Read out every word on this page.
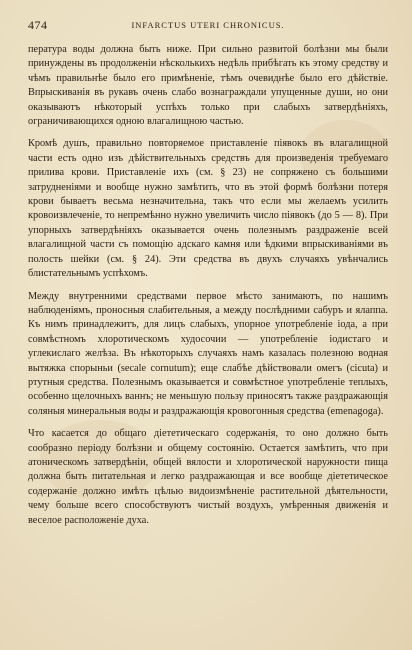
474	INFARCTUS UTERI CHRONICUS.

пература воды должна быть ниже. При сильно развитой болѣзни мы были принуждены въ продолженіи нѣсколькихъ недѣль прибѣгать къ этому средству и чѣмъ правильнѣе было его примѣненіе, тѣмъ очевиднѣе было его дѣйствіе. Впрыскиванія въ рукавъ очень слабо вознаграждали упущенные души, но они оказываютъ нѣкоторый успѣхъ только при слабыхъ затвердѣніяхъ, ограничивающихся одною влагалищною частью.

Кромѣ душъ, правильно повторяемое приставленіе піявокъ въ влагалищной части есть одно изъ дѣйствительныхъ средствъ для произведенія требуемаго прилива крови. Приставленіе ихъ (см. § 23) не сопряжено съ большими затрудненіями и вообще нужно замѣтить, что въ этой формѣ болѣзни потеря крови бываетъ весьма незначительна, такъ что если мы желаемъ усилить кровоизвлеченіе, то непремѣнно нужно увеличить число піявокъ (до 5 — 8). При упорныхъ затвердѣніяхъ оказывается очень полезнымъ раздраженіе всей влагалищной части съ помощію адскаго камня или ѣдкими впрыскиваніями въ полость шейки (см. § 24). Эти средства въ двухъ случаяхъ увѣнчались блистательнымъ успѣхомъ.

Между внутренними средствами первое мѣсто занимаютъ, по нашимъ наблюденіямъ, проносныя слабительныя, а между послѣдними сабуръ и ялаппа. Къ нимъ принадлежитъ, для лицъ слабыхъ, упорное употребленіе іода, а при совмѣстномъ хлоротическомъ худосочии — употребленіе іодистаго и углекислаго желѣза. Въ нѣкоторыхъ случаяхъ намъ казалась полезною водная вытяжка спорыньи (secale cornutum); еще слабѣе дѣйствовали омегъ (cicuta) и ртутныя средства. Полезнымъ оказывается и совмѣстное употребленіе теплыхъ, особенно щелочныхъ ваннъ; не меньшую пользу приносятъ также раздражающія соляныя минеральныя воды и раздражающія кровогонныя средства (emenagoga).

Что касается до общаго діететическаго содержанія, то оно должно быть сообразно періоду болѣзни и общему состоянію. Остается замѣтить, что при атоническомъ затвердѣніи, общей вялости и хлоротической наружности пища должна быть питательная и легко раздражающая и все вообще діететическое содержаніе должно имѣть цѣлью видоизмѣненіе растительной дѣятельности, чему больше всего способствуютъ чистый воздухъ, умѣренныя движенія и веселое расположеніе духа.
